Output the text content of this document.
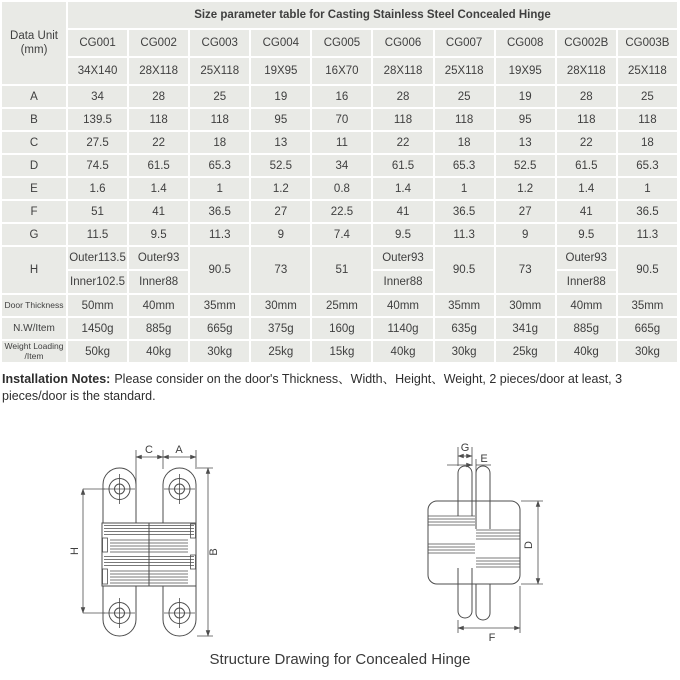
Data Unit
(mm)	Size parameter table for Casting Stainless Steel Concealed Hinge									
	CG001	CG002	CG003	CG004	CG005	CG006	CG007	CG008	CG002B	CG003B
	34X140	28X118	25X118	19X95	16X70	28X118	25X118	19X95	28X118	25X118
A	34	28	25	19	16	28	25	19	28	25
B	139.5	118	118	95	70	118	118	95	118	118
C	27.5	22	18	13	11	22	18	13	22	18
D	74.5	61.5	65.3	52.5	34	61.5	65.3	52.5	61.5	65.3
E	1.6	1.4	1	1.2	0.8	1.4	1	1.2	1.4	1
F	51	41	36.5	27	22.5	41	36.5	27	41	36.5
G	11.5	9.5	11.3	9	7.4	9.5	11.3	9	9.5	11.3
H	Outer113.5	Outer93	90.5	73	51	Outer93	90.5	73	Outer93	90.5
	Inner102.5	Inner88				Inner88			Inner88	
Door Thickness	50mm	40mm	35mm	30mm	25mm	40mm	35mm	30mm	40mm	35mm
N.W/Item	1450g	885g	665g	375g	160g	1140g	635g	341g	885g	665g

Weight Loading
/Item	50kg	40kg	30kg	25kg	15kg	40kg	30kg	25kg	40kg	30kg

Installation Notes: Please consider on the door's Thickness、Width、Height、Weight, 2 pieces/door at least, 3 pieces/door is the standard.

C A
H	B
G
E
D
F
Structure Drawing for Concealed Hinge
